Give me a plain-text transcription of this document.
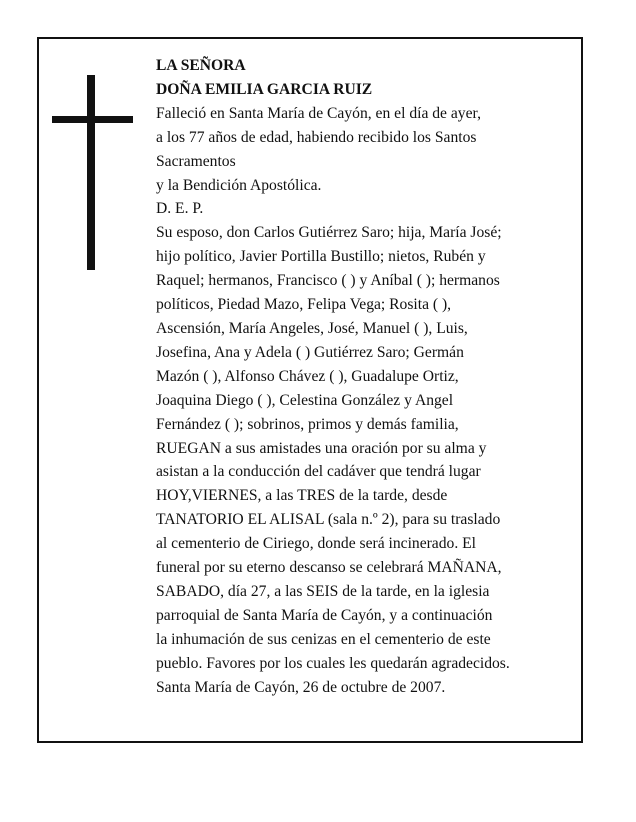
LA SEÑORA
DOÑA EMILIA GARCIA RUIZ
Falleció en Santa María de Cayón, en el día de ayer,
a los 77 años de edad, habiendo recibido los Santos
Sacramentos
y la Bendición Apostólica.
D. E. P.
Su esposo, don Carlos Gutiérrez Saro; hija, María José;
hijo político, Javier Portilla Bustillo; nietos, Rubén y
Raquel; hermanos, Francisco ( ) y Aníbal ( ); hermanos
políticos, Piedad Mazo, Felipa Vega; Rosita ( ),
Ascensión, María Angeles, José, Manuel ( ), Luis,
Josefina, Ana y Adela ( ) Gutiérrez Saro; Germán
Mazón ( ), Alfonso Chávez ( ), Guadalupe Ortiz,
Joaquina Diego ( ), Celestina González y Angel
Fernández ( ); sobrinos, primos y demás familia,
RUEGAN a sus amistades una oración por su alma y
asistan a la conducción del cadáver que tendrá lugar
HOY,VIERNES, a las TRES de la tarde, desde
TANATORIO EL ALISAL (sala n.º 2), para su traslado
al cementerio de Ciriego, donde será incinerado. El
funeral por su eterno descanso se celebrará MAÑANA,
SABADO, día 27, a las SEIS de la tarde, en la iglesia
parroquial de Santa María de Cayón, y a continuación
la inhumación de sus cenizas en el cementerio de este
pueblo. Favores por los cuales les quedarán agradecidos.
Santa María de Cayón, 26 de octubre de 2007.
